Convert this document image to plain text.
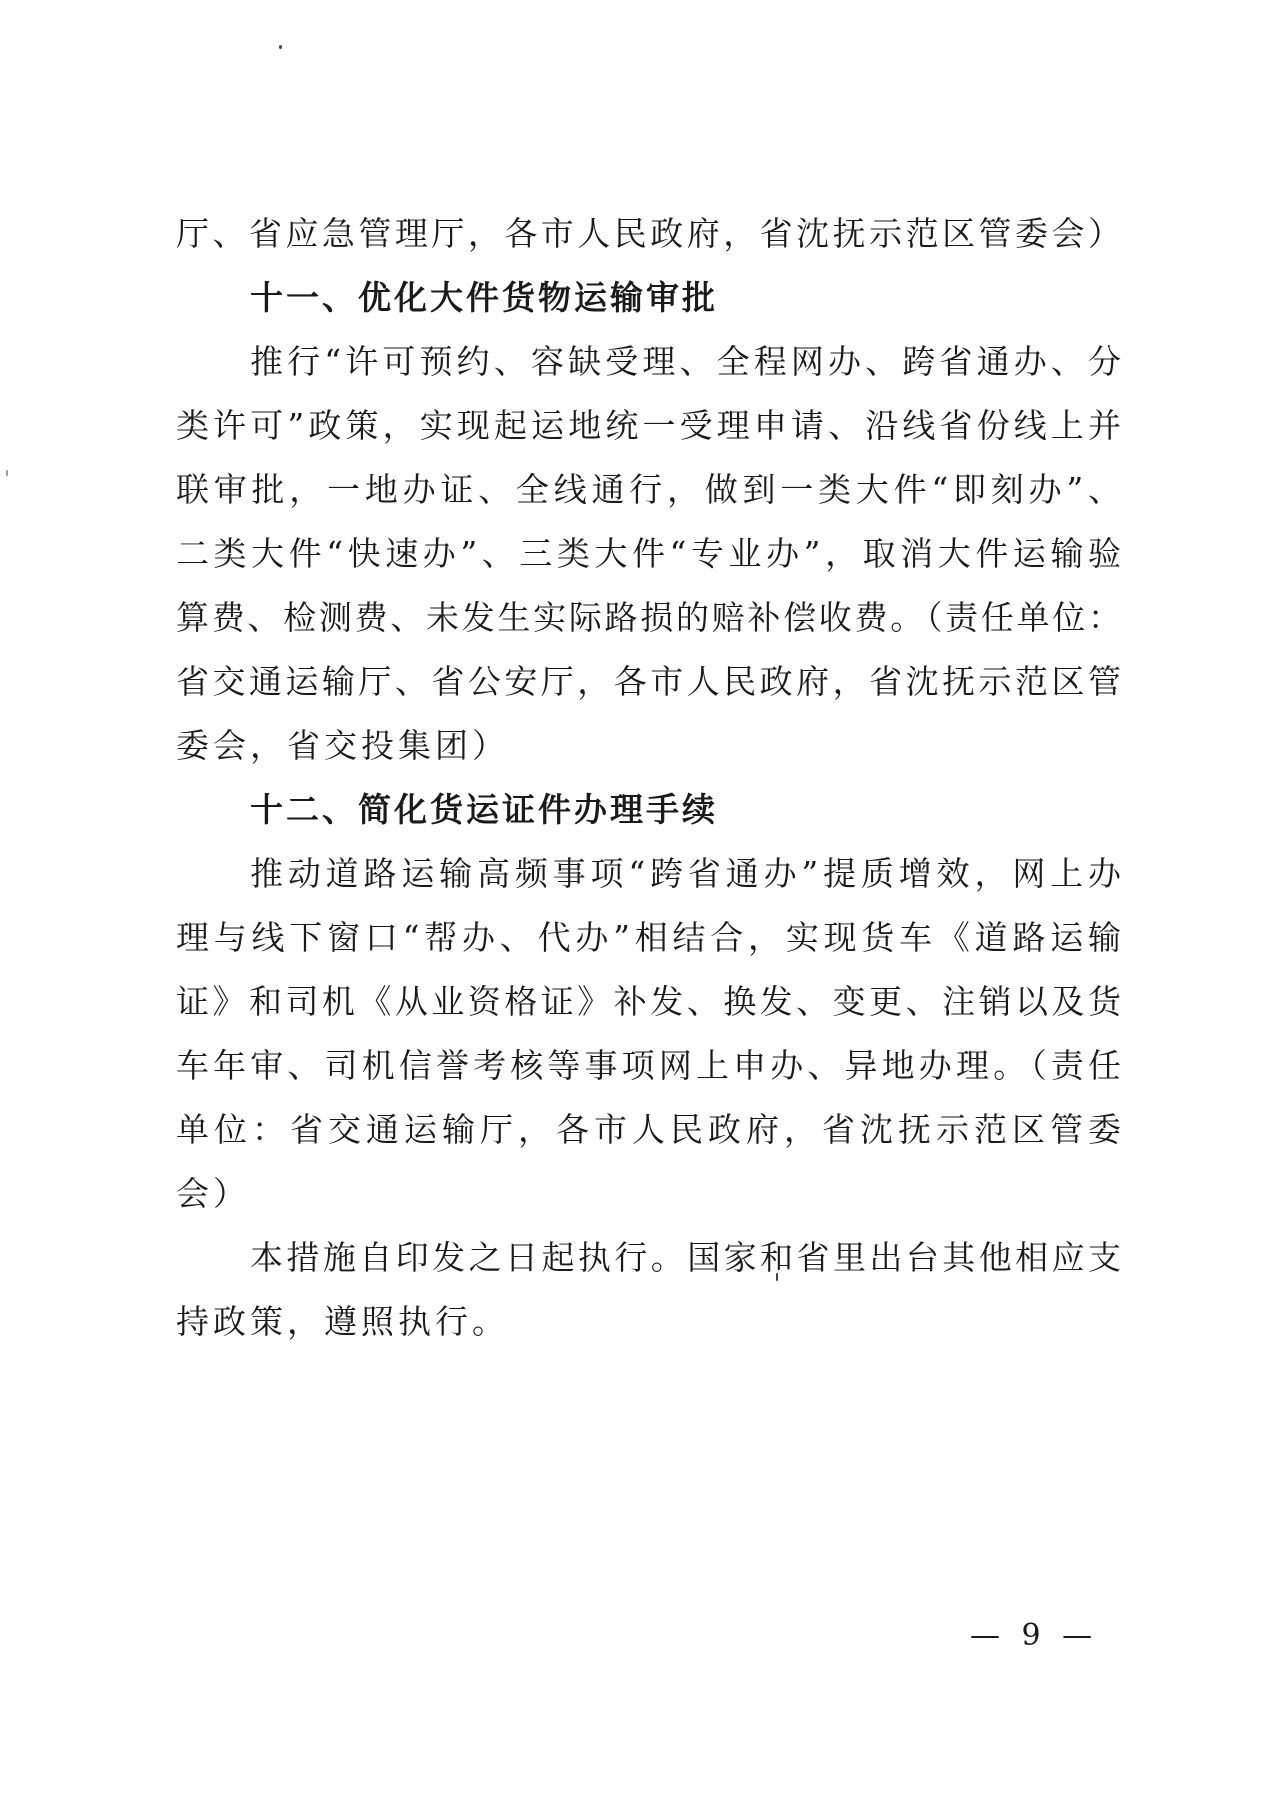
厅、省应急管理厅，各市人民政府，省沈抚示范区管委会）
十一、优化大件货物运输审批
推行“许可预约、容缺受理、全程网办、跨省通办、分
类许可”政策，实现起运地统一受理申请、沿线省份线上并
联审批，一地办证、全线通行，做到一类大件“即刻办”、
二类大件“快速办”、三类大件“专业办”，取消大件运输验
算费、检测费、未发生实际路损的赔补偿收费。（责任单位：
省交通运输厅、省公安厅，各市人民政府，省沈抚示范区管
委会，省交投集团）
十二、简化货运证件办理手续
推动道路运输高频事项“跨省通办”提质增效，网上办
理与线下窗口“帮办、代办”相结合，实现货车《道路运输
证》和司机《从业资格证》补发、换发、变更、注销以及货
车年审、司机信誉考核等事项网上申办、异地办理。（责任
单位：省交通运输厅，各市人民政府，省沈抚示范区管委
会）
本措施自印发之日起执行。国家和省里出台其他相应支
持政策，遵照执行。
— 9 —
